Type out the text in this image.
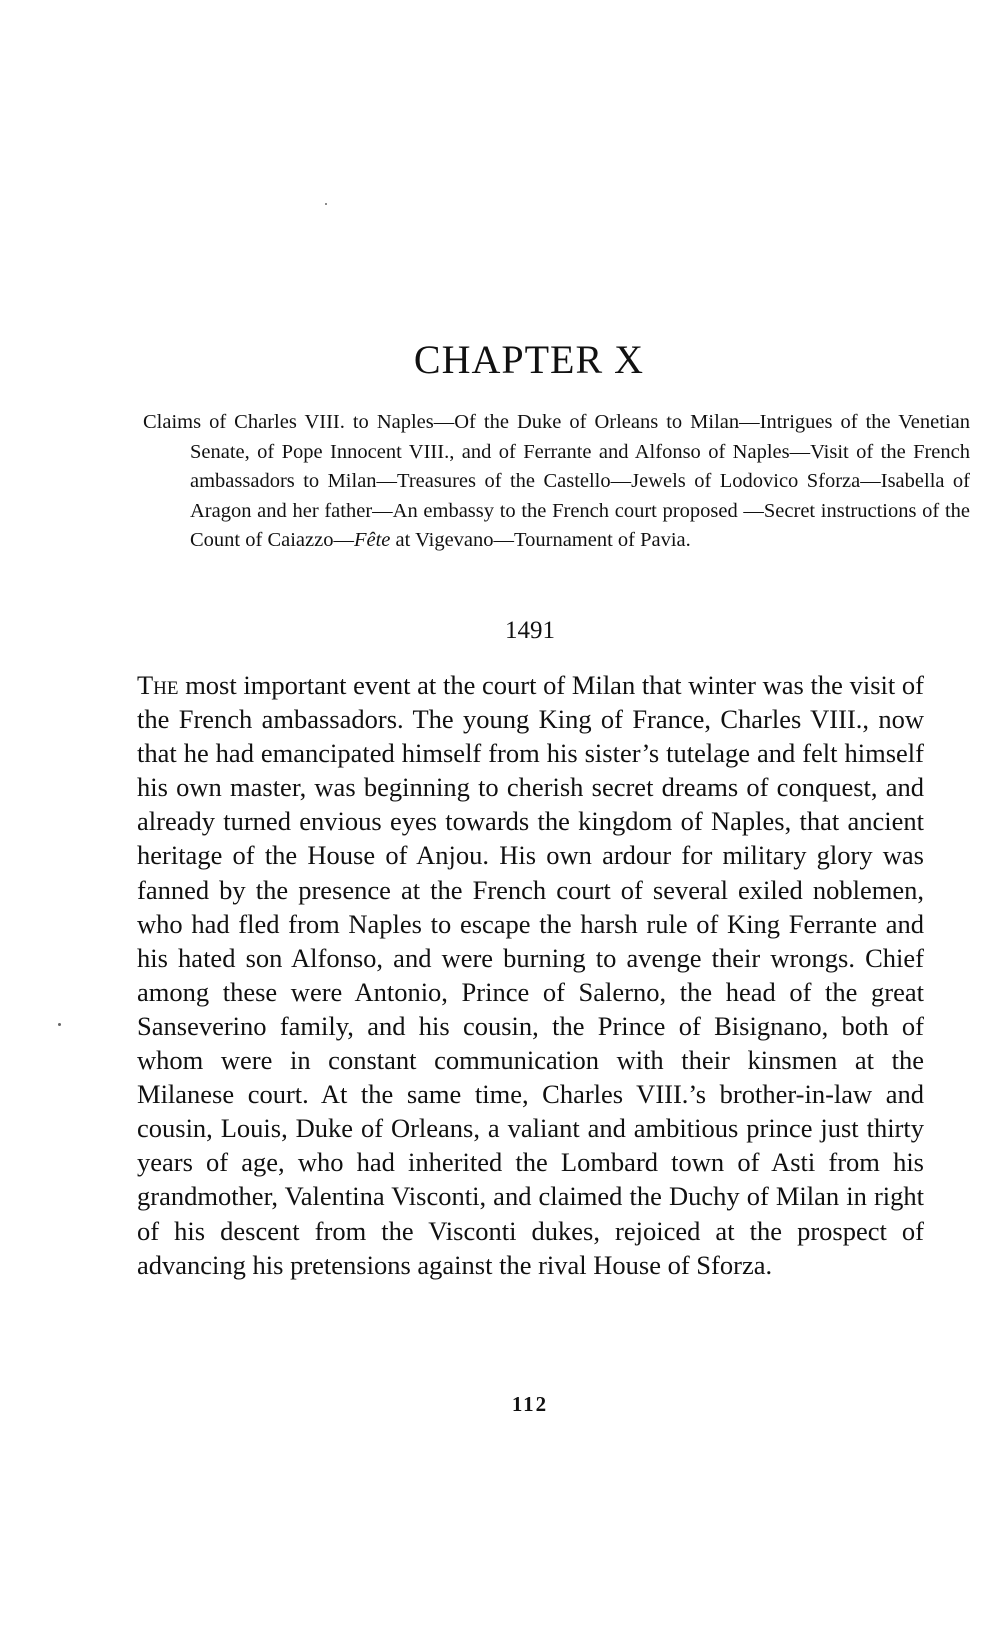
CHAPTER X

Claims of Charles VIII. to Naples—Of the Duke of Orleans to Milan—Intrigues of the Venetian Senate, of Pope Innocent VIII., and of Ferrante and Alfonso of Naples—Visit of the French ambassadors to Milan—Treasures of the Castello—Jewels of Lodovico Sforza—Isabella of Aragon and her father—An embassy to the French court proposed —Secret instructions of the Count of Caiazzo—Fête at Vigevano—Tournament of Pavia.

1491

The most important event at the court of Milan that winter was the visit of the French ambassadors. The young King of France, Charles VIII., now that he had emancipated himself from his sister’s tutelage and felt himself his own master, was beginning to cherish secret dreams of conquest, and already turned envious eyes towards the kingdom of Naples, that ancient heritage of the House of Anjou. His own ardour for military glory was fanned by the presence at the French court of several exiled noblemen, who had fled from Naples to escape the harsh rule of King Ferrante and his hated son Alfonso, and were burning to avenge their wrongs. Chief among these were Antonio, Prince of Salerno, the head of the great Sanseverino family, and his cousin, the Prince of Bisignano, both of whom were in constant communication with their kinsmen at the Milanese court. At the same time, Charles VIII.’s brother-in-law and cousin, Louis, Duke of Orleans, a valiant and ambitious prince just thirty years of age, who had inherited the Lombard town of Asti from his grandmother, Valentina Visconti, and claimed the Duchy of Milan in right of his descent from the Visconti dukes, rejoiced at the prospect of advancing his pretensions against the rival House of Sforza.

112
